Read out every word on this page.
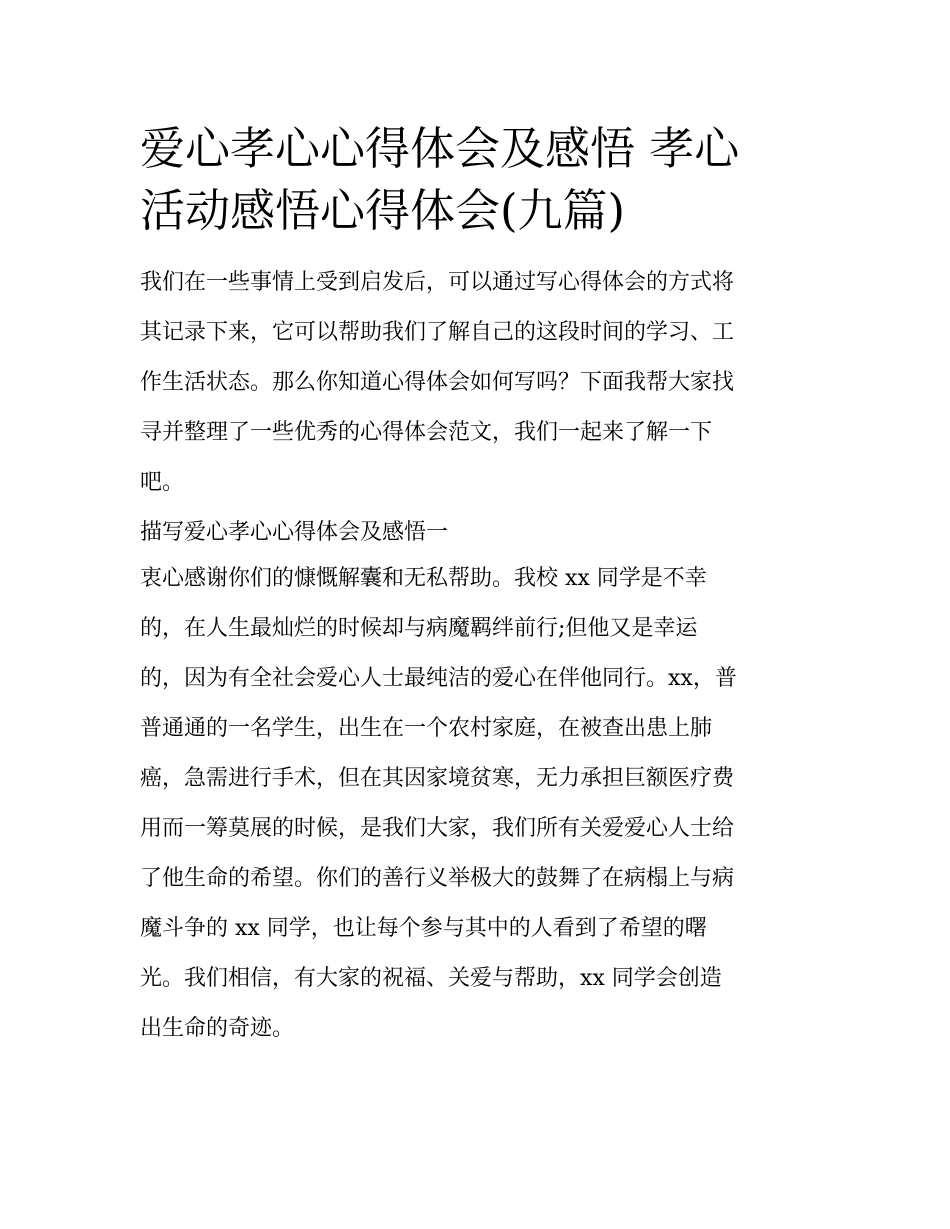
爱心孝心心得体会及感悟 孝心
活动感悟心得体会(九篇)
我们在一些事情上受到启发后，可以通过写心得体会的方式将
其记录下来，它可以帮助我们了解自己的这段时间的学习、工
作生活状态。那么你知道心得体会如何写吗？下面我帮大家找
寻并整理了一些优秀的心得体会范文，我们一起来了解一下
吧。
描写爱心孝心心得体会及感悟一
衷心感谢你们的慷慨解囊和无私帮助。我校 xx 同学是不幸
的，在人生最灿烂的时候却与病魔羁绊前行;但他又是幸运
的，因为有全社会爱心人士最纯洁的爱心在伴他同行。xx，普
普通通的一名学生，出生在一个农村家庭，在被查出患上肺
癌，急需进行手术，但在其因家境贫寒，无力承担巨额医疗费
用而一筹莫展的时候，是我们大家，我们所有关爱爱心人士给
了他生命的希望。你们的善行义举极大的鼓舞了在病榻上与病
魔斗争的 xx 同学，也让每个参与其中的人看到了希望的曙
光。我们相信，有大家的祝福、关爱与帮助，xx 同学会创造
出生命的奇迹。
